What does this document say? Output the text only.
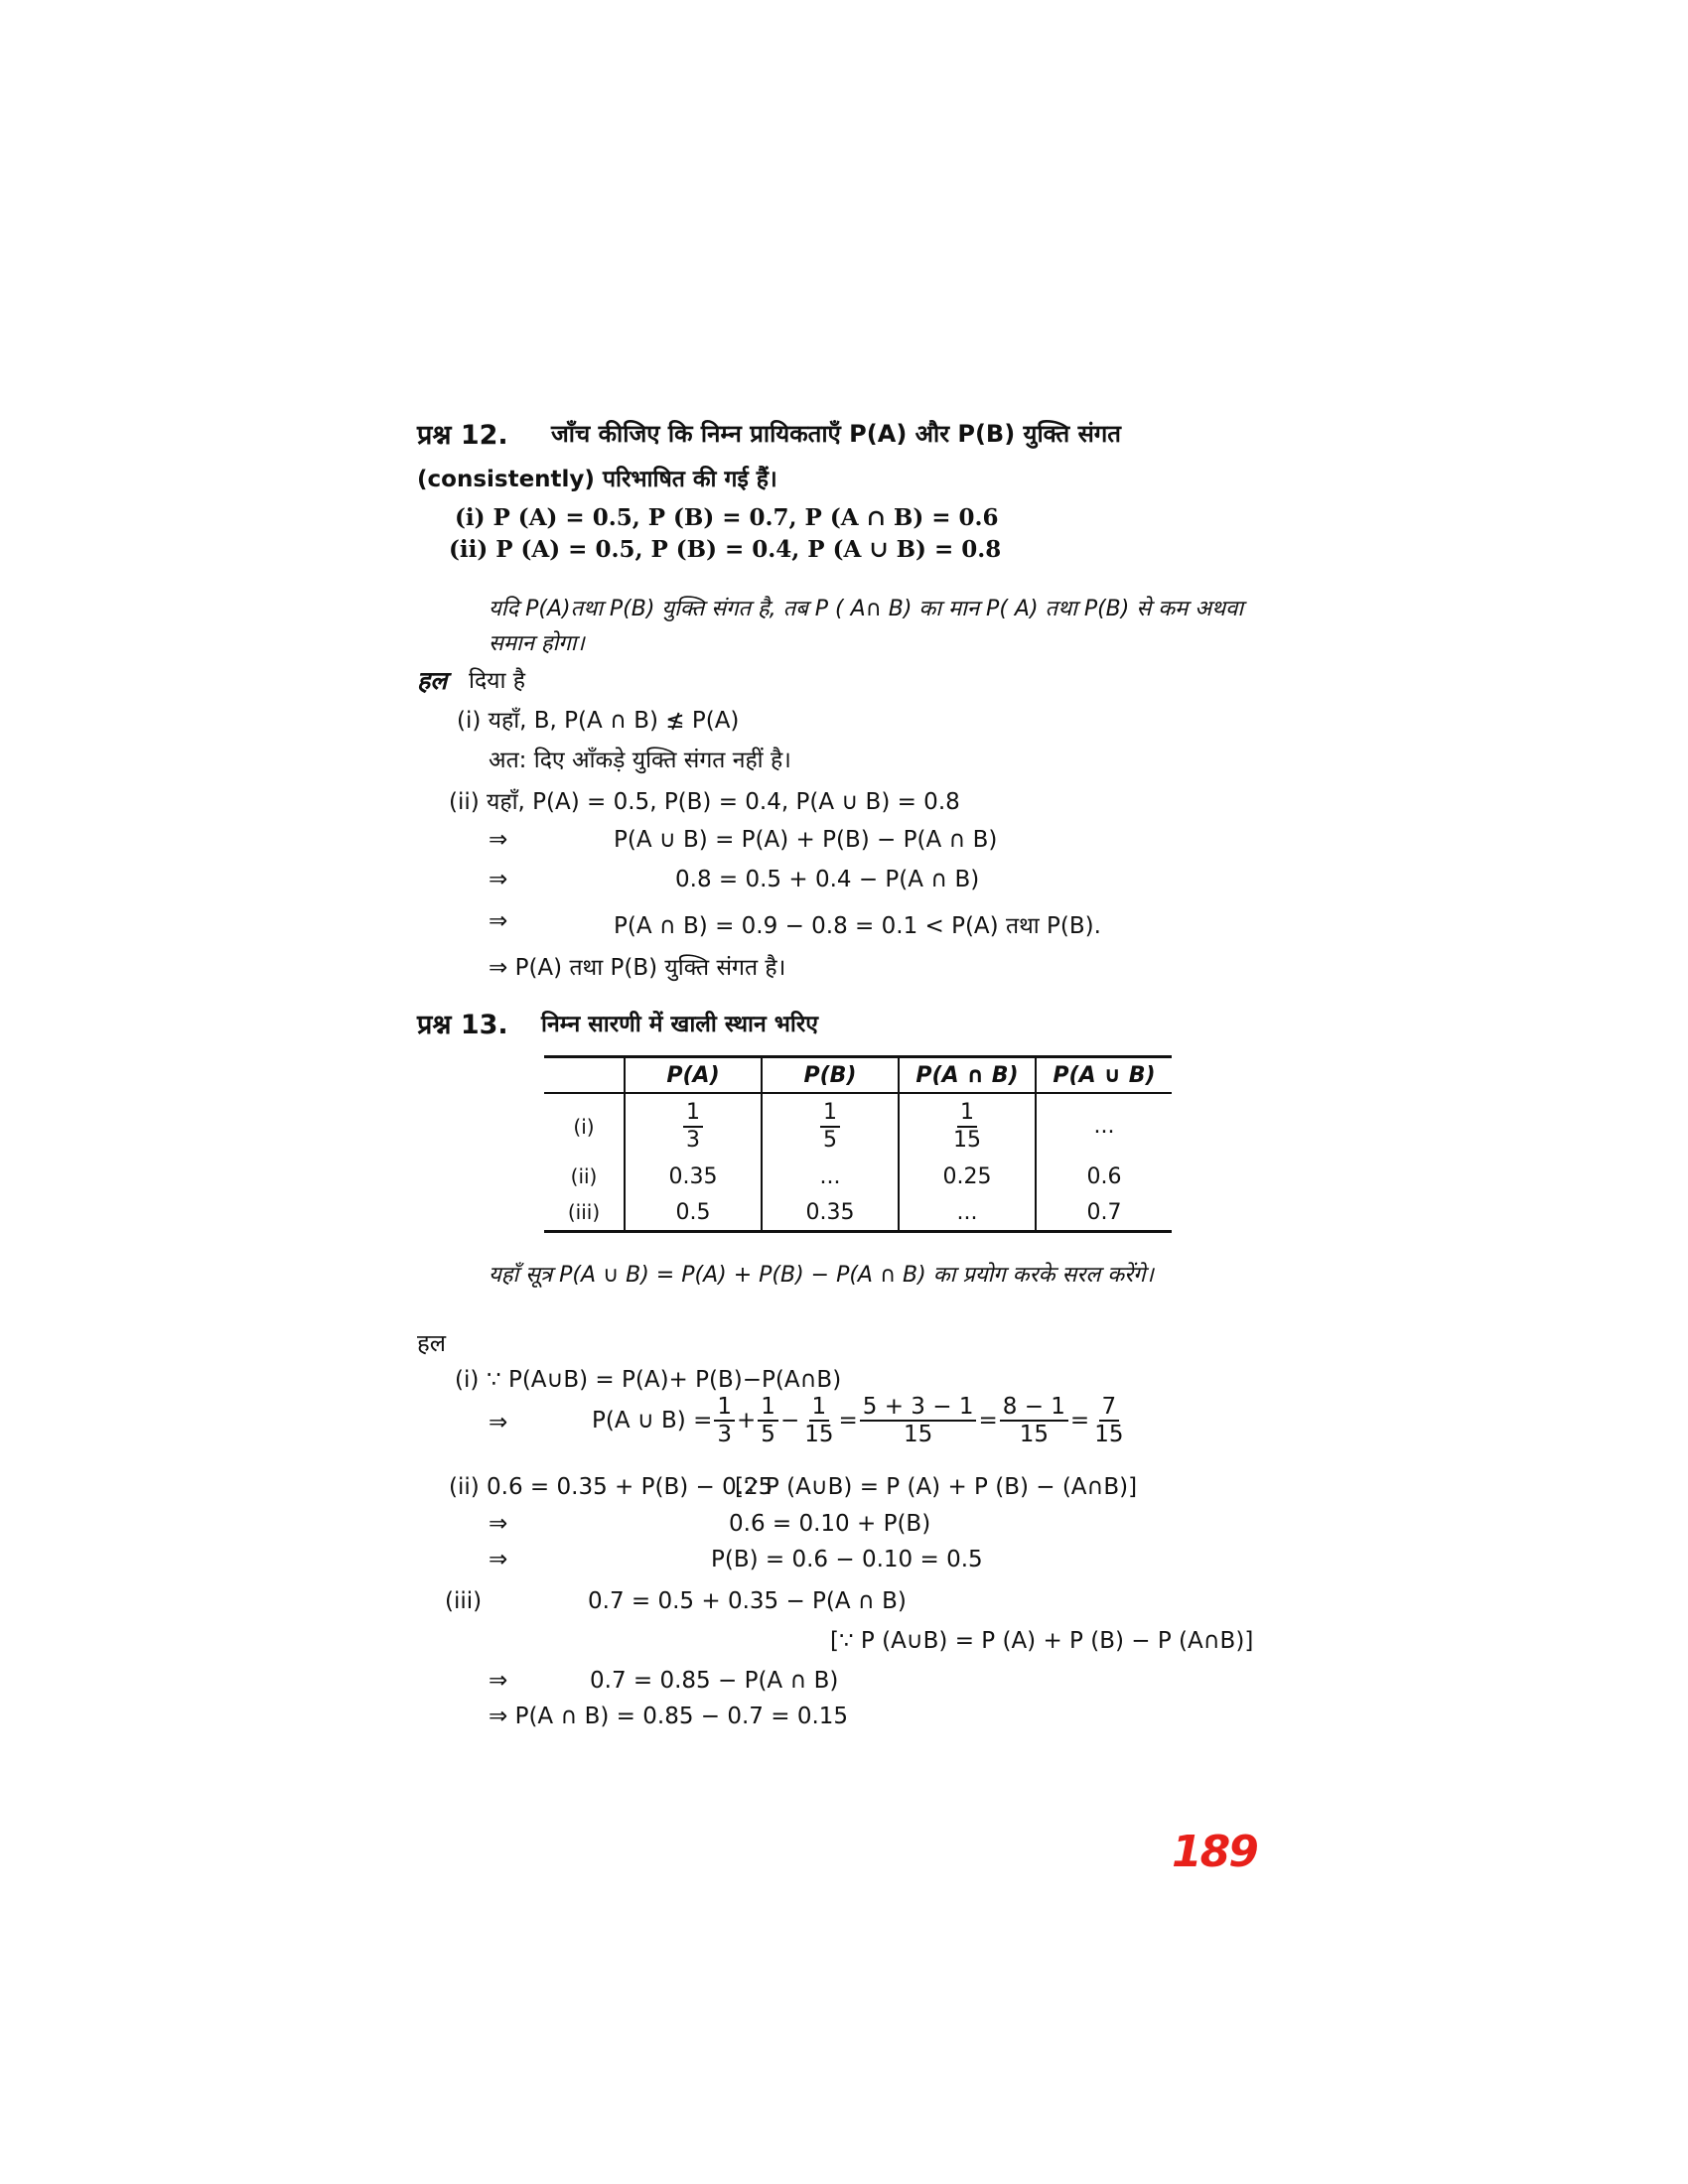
प्रश्न 12. जाँच कीजिए कि निम्न प्रायिकताएँ P(A) और P(B) युक्ति संगत
(consistently) परिभाषित की गई हैं।
(i) P (A) = 0.5, P (B) = 0.7, P (A ∩ B) = 0.6
(ii) P (A) = 0.5, P (B) = 0.4, P (A ∪ B) = 0.8
यदि P(A)तथा P(B) युक्ति संगत है, तब P ( A∩ B) का मान P( A) तथा P(B) से कम अथवा
समान होगा।
हल दिया है
(i) यहाँ, B, P(A ∩ B) ≰ P(A)
अत: दिए आँकड़े युक्ति संगत नहीं है।
(ii) यहाँ, P(A) = 0.5, P(B) = 0.4, P(A ∪ B) = 0.8
⇒	P(A ∪ B) = P(A) + P(B) − P(A ∩ B)
⇒	0.8 = 0.5 + 0.4 − P(A ∩ B)
⇒	P(A ∩ B) = 0.9 − 0.8 = 0.1 < P(A) तथा P(B).
⇒ P(A) तथा P(B) युक्ति संगत है।
प्रश्न 13. निम्न सारणी में खाली स्थान भरिए
	P(A)	P(B)	P(A ∩ B)	P(A ∪ B)
(i)	$\frac{1}{3}$	$\frac{1}{5}$	$\frac{1}{15}$	...
(ii)	0.35	...	0.25	0.6
(iii)	0.5	0.35	...	0.7
यहाँ सूत्र P(A ∪ B) = P(A) + P(B) − P(A ∩ B) का प्रयोग करके सरल करेंगे।
हल
(i) ∵ P(A∪B) = P(A)+ P(B)−P(A∩B)
⇒	P(A ∪ $B) = \frac{1}{3} + \frac{1}{5} - \frac{1}{15} = \frac{5 + 3 - 1}{15} = \frac{8 - 1}{15} = \frac{7}{15}$
(ii) 0.6 = 0.35 + P(B) − 0.25
[∵ P (A∪B) = P (A) + P (B) − (A∩B)]
⇒	0.6 = 0.10 + P(B)
⇒	P(B) = 0.6 − 0.10 = 0.5
(iii)	0.7 = 0.5 + 0.35 − P(A ∩ B)
[∵ P (A∪B) = P (A) + P (B) − P (A∩B)]
⇒	0.7 = 0.85 − P(A ∩ B)
⇒ P(A ∩ B) = 0.85 − 0.7 = 0.15
189
